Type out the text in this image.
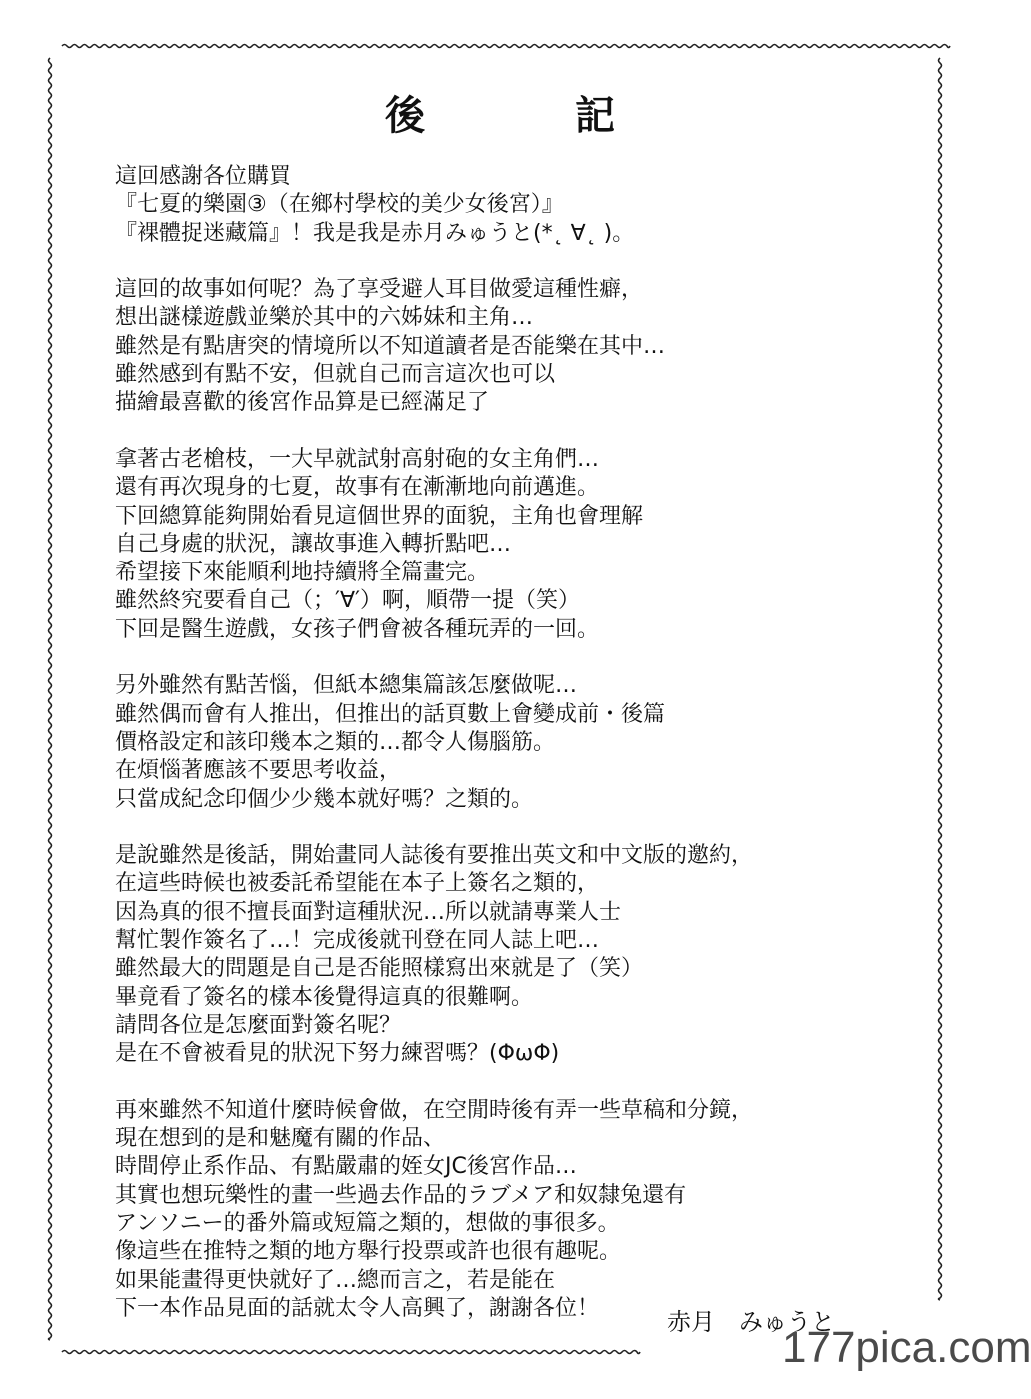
後	記
這回感謝各位購買
『七夏的樂園③（在鄉村學校的美少女後宮）』
『裸體捉迷藏篇』！我是我是赤月みゅうと(*˛ ∀˛ )。
這回的故事如何呢？為了享受避人耳目做愛這種性癖，
想出謎樣遊戲並樂於其中的六姊妹和主角…
雖然是有點唐突的情境所以不知道讀者是否能樂在其中…
雖然感到有點不安，但就自己而言這次也可以
描繪最喜歡的後宮作品算是已經滿足了
拿著古老槍枝，一大早就試射高射砲的女主角們…
還有再次現身的七夏，故事有在漸漸地向前邁進。
下回總算能夠開始看見這個世界的面貌，主角也會理解
自己身處的狀況，讓故事進入轉折點吧…
希望接下來能順利地持續將全篇畫完。
雖然終究要看自己（；′∀′）啊，順帶一提（笑）
下回是醫生遊戲，女孩子們會被各種玩弄的一回。
另外雖然有點苦惱，但紙本總集篇該怎麼做呢…
雖然偶而會有人推出，但推出的話頁數上會變成前・後篇
價格設定和該印幾本之類的…都令人傷腦筋。
在煩惱著應該不要思考收益，
只當成紀念印個少少幾本就好嗎？之類的。
是說雖然是後話，開始畫同人誌後有要推出英文和中文版的邀約，
在這些時候也被委託希望能在本子上簽名之類的，
因為真的很不擅長面對這種狀況…所以就請專業人士
幫忙製作簽名了…！完成後就刊登在同人誌上吧…
雖然最大的問題是自己是否能照樣寫出來就是了（笑）
畢竟看了簽名的樣本後覺得這真的很難啊。
請問各位是怎麼面對簽名呢？
是在不會被看見的狀況下努力練習嗎？(ΦωΦ)
再來雖然不知道什麼時候會做，在空閒時後有弄一些草稿和分鏡，
現在想到的是和魅魔有關的作品、
時間停止系作品、有點嚴肅的姪女JC後宮作品…
其實也想玩樂性的畫一些過去作品的ラブメア和奴隸兔還有
アンソニー的番外篇或短篇之類的，想做的事很多。
像這些在推特之類的地方舉行投票或許也很有趣呢。
如果能畫得更快就好了…總而言之，若是能在
下一本作品見面的話就太令人高興了，謝謝各位！	赤月　みゅうと
177pica.com
